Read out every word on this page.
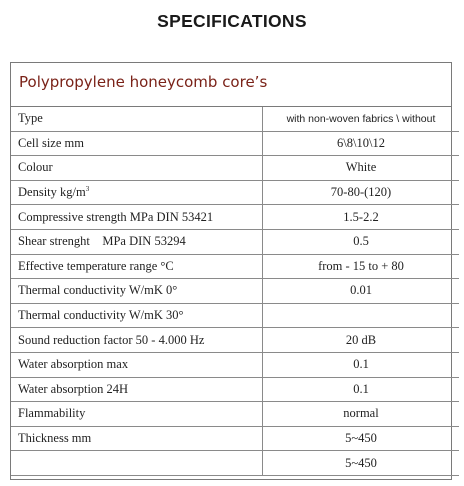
SPECIFICATIONS
Polypropylene honeycomb core’s
Type	with non-woven fabrics \ without
Cell size mm	6\8\10\12
Colour	White
Density $kg/m^3$	70-80-(120)
Compressive strength MPa DIN 53421	1.5-2.2
Shear strenght    MPa DIN 53294	0.5
Effective temperature range °C	from - 15 to + 80
Thermal conductivity W/mK 0°	0.01
Thermal conductivity W/mK 30°	
Sound reduction factor 50 - 4.000 Hz	20 dB
Water absorption max	0.1
Water absorption 24H	0.1
Flammability	normal
Thickness mm	5~450
	5~450
